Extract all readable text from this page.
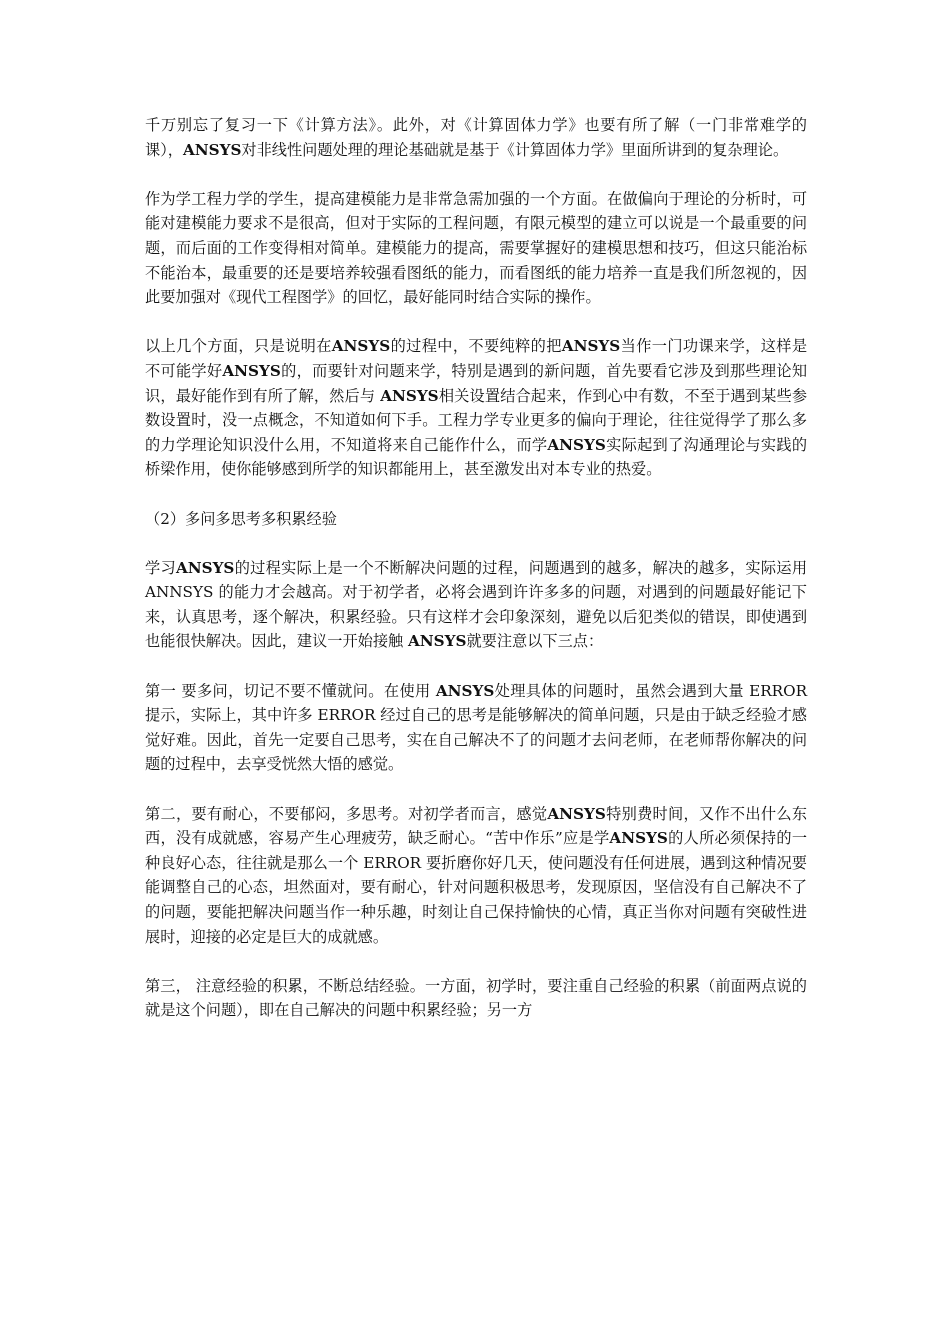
千万别忘了复习一下《计算方法》。此外，对《计算固体力学》也要有所了解（一门非常难学的课），ANSYS对非线性问题处理的理论基础就是基于《计算固体力学》里面所讲到的复杂理论。
作为学工程力学的学生，提高建模能力是非常急需加强的一个方面。在做偏向于理论的分析时，可能对建模能力要求不是很高，但对于实际的工程问题，有限元模型的建立可以说是一个最重要的问题，而后面的工作变得相对简单。建模能力的提高，需要掌握好的建模思想和技巧，但这只能治标不能治本，最重要的还是要培养较强看图纸的能力，而看图纸的能力培养一直是我们所忽视的，因此要加强对《现代工程图学》的回忆，最好能同时结合实际的操作。
以上几个方面，只是说明在ANSYS的过程中，不要纯粹的把ANSYS当作一门功课来学，这样是不可能学好ANSYS的，而要针对问题来学，特别是遇到的新问题，首先要看它涉及到那些理论知识，最好能作到有所了解，然后与 ANSYS相关设置结合起来，作到心中有数，不至于遇到某些参数设置时，没一点概念，不知道如何下手。工程力学专业更多的偏向于理论，往往觉得学了那么多的力学理论知识没什么用，不知道将来自己能作什么，而学ANSYS实际起到了沟通理论与实践的桥梁作用，使你能够感到所学的知识都能用上，甚至激发出对本专业的热爱。
（2）多问多思考多积累经验
学习ANSYS的过程实际上是一个不断解决问题的过程，问题遇到的越多，解决的越多，实际运用 ANNSYS 的能力才会越高。对于初学者，必将会遇到许许多多的问题，对遇到的问题最好能记下来，认真思考，逐个解决，积累经验。只有这样才会印象深刻，避免以后犯类似的错误，即使遇到也能很快解决。因此，建议一开始接触 ANSYS就要注意以下三点：
第一 要多问，切记不要不懂就问。在使用 ANSYS处理具体的问题时，虽然会遇到大量 ERROR 提示，实际上，其中许多 ERROR 经过自己的思考是能够解决的简单问题，只是由于缺乏经验才感觉好难。因此，首先一定要自己思考，实在自己解决不了的问题才去问老师，在老师帮你解决的问题的过程中，去享受恍然大悟的感觉。
第二，要有耐心，不要郁闷，多思考。对初学者而言，感觉ANSYS特别费时间，又作不出什么东西，没有成就感，容易产生心理疲劳，缺乏耐心。“苦中作乐”应是学ANSYS的人所必须保持的一种良好心态，往往就是那么一个 ERROR 要折磨你好几天，使问题没有任何进展，遇到这种情况要能调整自己的心态，坦然面对，要有耐心，针对问题积极思考，发现原因，坚信没有自己解决不了的问题，要能把解决问题当作一种乐趣，时刻让自己保持愉快的心情，真正当你对问题有突破性进展时，迎接的必定是巨大的成就感。
第三， 注意经验的积累，不断总结经验。一方面，初学时，要注重自己经验的积累（前面两点说的就是这个问题），即在自己解决的问题中积累经验；另一方
